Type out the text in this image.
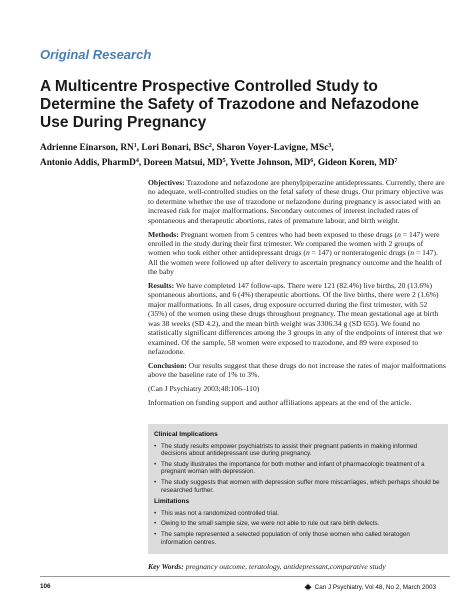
Original Research
A Multicentre Prospective Controlled Study to Determine the Safety of Trazodone and Nefazodone Use During Pregnancy
Adrienne Einarson, $RN^1$, Lori Bonari, BSc$^2$, Sharon Voyer-Lavigne, MSc$^3$,
Antonio Addis, PharmD$^4$, Doreen Matsui, $MD^5$, Yvette Johnson, $MD^6$, Gideon Koren, $MD^7$

Objectives: Trazodone and nefazodone are phenylpiperazine antidepressants. Currently, there are no adequate, well-controlled studies on the fetal safety of these drugs. Our primary objective was to determine whether the use of trazodone or nefazodone during pregnancy is associated with an increased risk for major malformations. Secondary outcomes of interest included rates of spontaneous and therapeutic abortions, rates of premature labour, and birth weight.

Methods: Pregnant women from 5 centres who had been exposed to these drugs (n = 147) were enrolled in the study during their first trimester. We compared the women with 2 groups of women who took either other antidepressant drugs (n = 147) or nonteratogenic drugs (n = 147). All the women were followed up after delivery to ascertain pregnancy outcome and the health of the baby

Results: We have completed 147 follow-ups. There were 121 (82.4%) live births, 20 (13.6%) spontaneous abortions, and 6 (4%) therapeutic abortions. Of the live births, there were 2 (1.6%) major malformations. In all cases, drug exposure occurred during the first trimester, with 52 (35%) of the women using these drugs throughout pregnancy. The mean gestational age at birth was 38 weeks (SD 4.2), and the mean birth weight was 3306.34 g (SD 655). We found no statistically significant differences among the 3 groups in any of the endpoints of interest that we examined. Of the sample, 58 women were exposed to trazodone, and 89 were exposed to nefazodone.

Conclusion: Our results suggest that these drugs do not increase the rates of major malformations above the baseline rate of 1% to 3%.

(Can J Psychiatry 2003;48:106–110)

Information on funding support and author affiliations appears at the end of the article.

Clinical Implications
• The study results empower psychiatrists to assist their pregnant patients in making informed decisions about antidepressant use during pregnancy.
• The study illustrates the importance for both mother and infant of pharmacologic treatment of a pregnant woman with depression.
• The study suggests that women with depression suffer more miscarriages, which perhaps should be researched further.
Limitations
• This was not a randomized controlled trial.
• Owing to the small sample size, we were not able to rule out rare birth defects.
• The sample represented a selected population of only those women who called teratogen information centres.
Key Words: pregnancy outcome, teratology, antidepressant,comparative study
106	Can J Psychiatry, Vol 48, No 2, March 2003
